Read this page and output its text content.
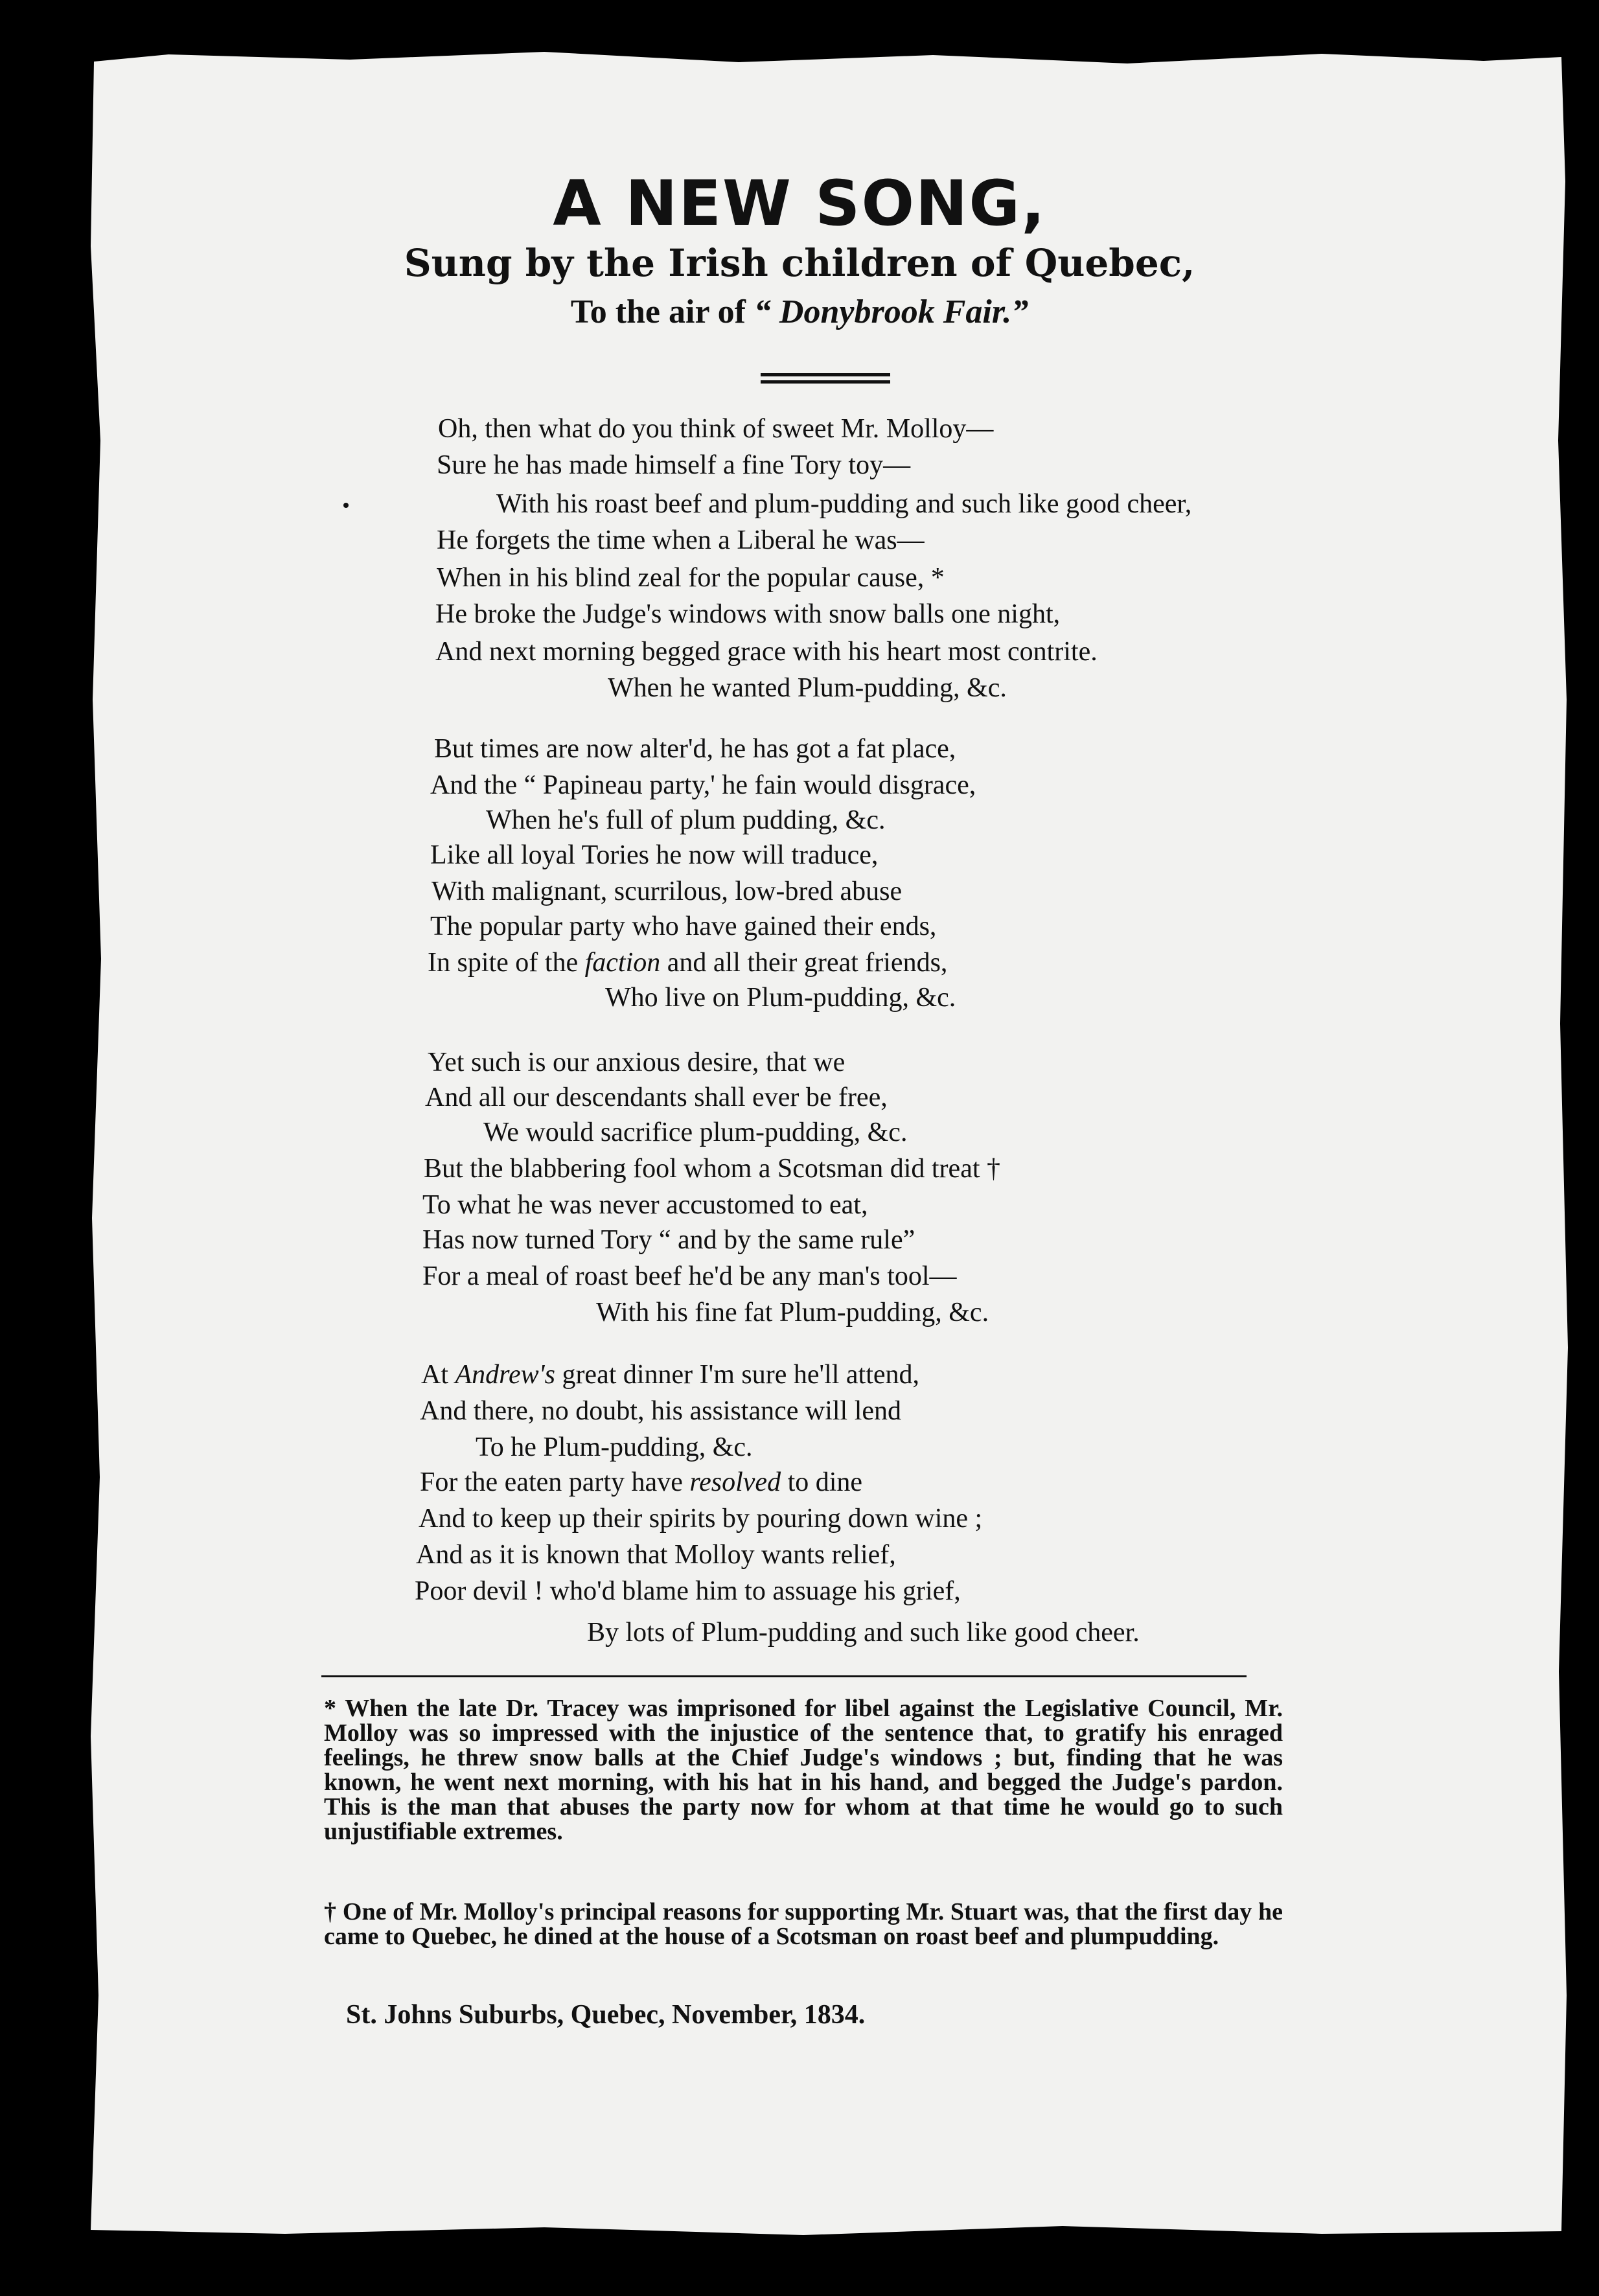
A NEW SONG,
Sung by the Irish children of Quebec,
To the air of “ Donybrook Fair.”
Oh, then what do you think of sweet Mr. Molloy—
Sure he has made himself a fine Tory toy—
With his roast beef and plum-pudding and such like good cheer,
He forgets the time when a Liberal he was—
When in his blind zeal for the popular cause, *
He broke the Judge's windows with snow balls one night,
And next morning begged grace with his heart most contrite.
When he wanted Plum-pudding, &c.
But times are now alter'd, he has got a fat place,
And the “ Papineau party,' he fain would disgrace,
When he's full of plum pudding, &c.
Like all loyal Tories he now will traduce,
With malignant, scurrilous, low-bred abuse
The popular party who have gained their ends,
In spite of the faction and all their great friends,
Who live on Plum-pudding, &c.
Yet such is our anxious desire, that we
And all our descendants shall ever be free,
We would sacrifice plum-pudding, &c.
But the blabbering fool whom a Scotsman did treat †
To what he was never accustomed to eat,
Has now turned Tory “ and by the same rule”
For a meal of roast beef he'd be any man's tool—
With his fine fat Plum-pudding, &c.
At Andrew's great dinner I'm sure he'll attend,
And there, no doubt, his assistance will lend
To he Plum-pudding, &c.
For the eaten party have resolved to dine
And to keep up their spirits by pouring down wine ;
And as it is known that Molloy wants relief,
Poor devil ! who'd blame him to assuage his grief,
By lots of Plum-pudding and such like good cheer.
* When the late Dr. Tracey was imprisoned for libel against the Legislative Council, Mr. Molloy was so impressed with the injustice of the sentence that, to gratify his enraged feelings, he threw snow balls at the Chief Judge's windows ; but, finding that he was known, he went next morning, with his hat in his hand, and begged the Judge's pardon. This is the man that abuses the party now for whom at that time he would go to such unjustifiable extremes.
† One of Mr. Molloy's principal reasons for supporting Mr. Stuart was, that the first day he came to Quebec, he dined at the house of a Scotsman on roast beef and plumpudding.
St. Johns Suburbs, Quebec, November, 1834.
